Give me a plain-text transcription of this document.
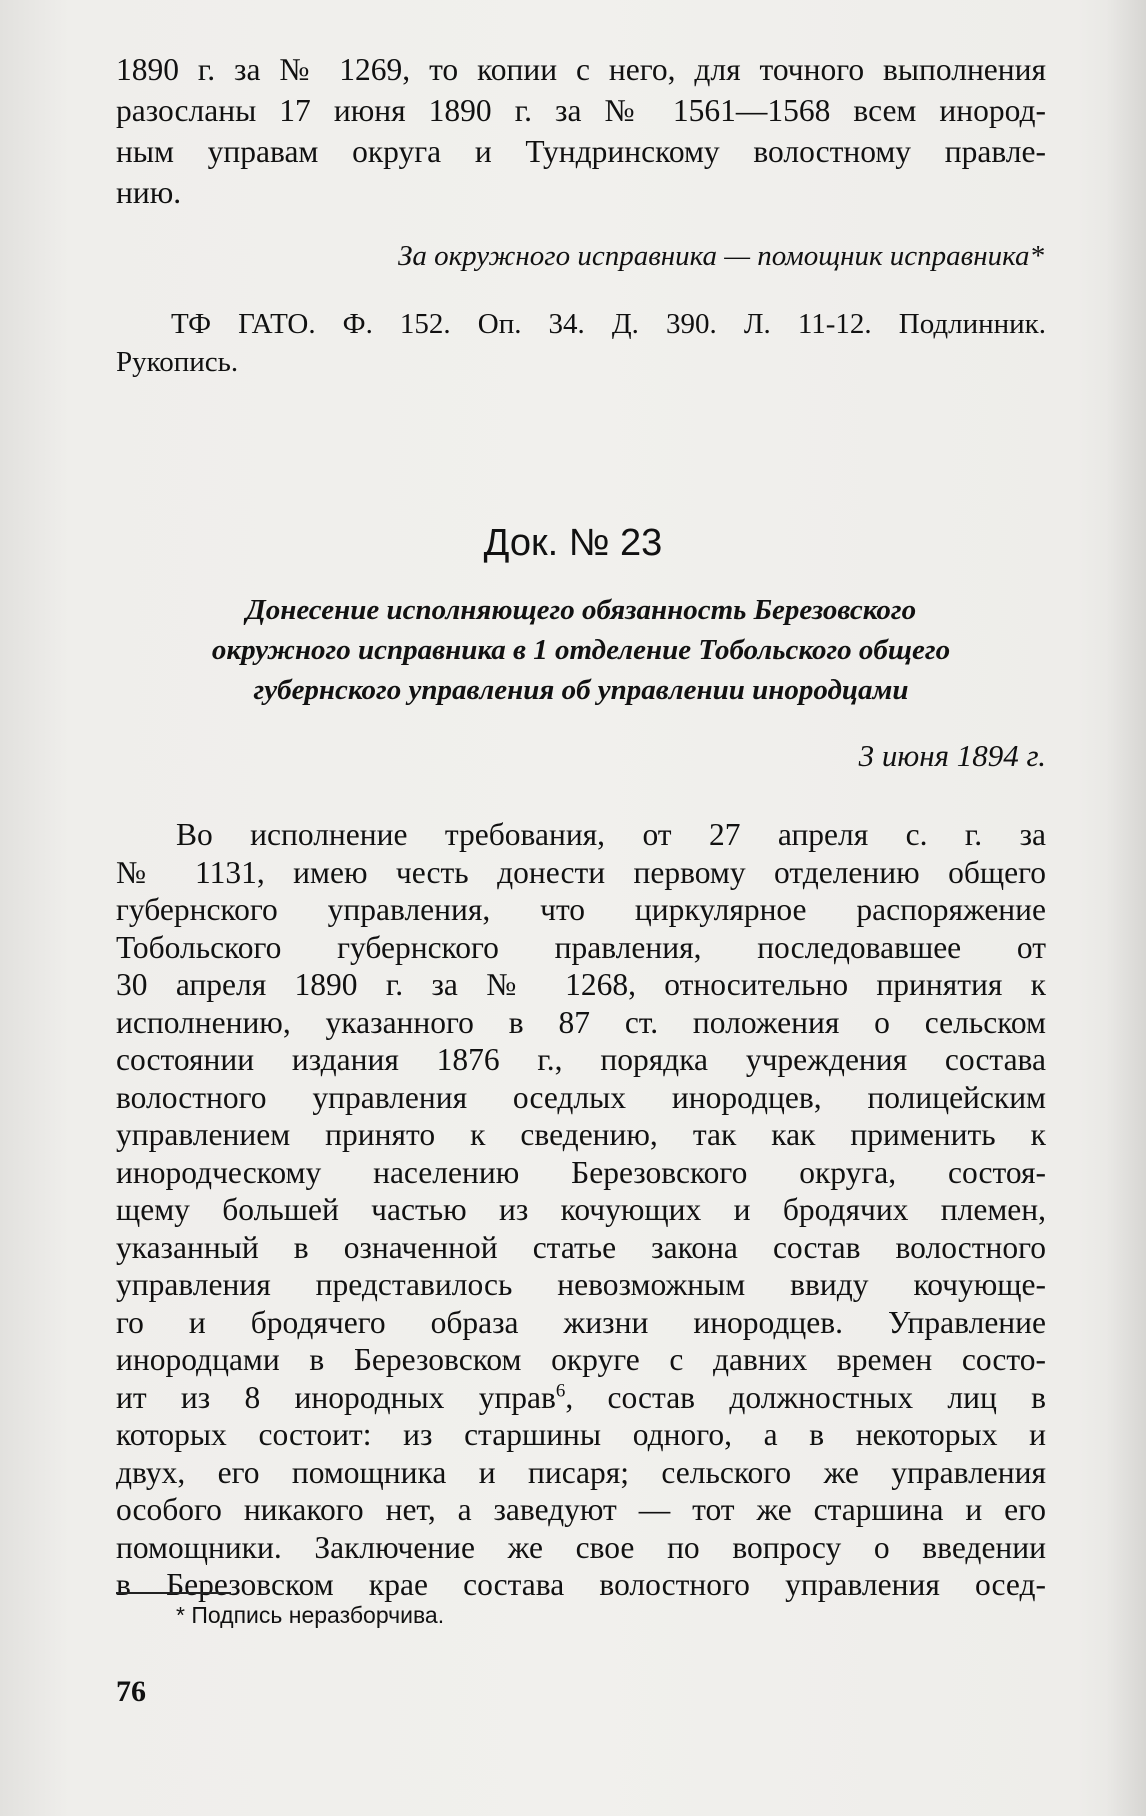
1890 г. за № 1269, то копии с него, для точного выполнения
разосланы 17 июня 1890 г. за № 1561—1568 всем инород-
ным управам округа и Тундринскому волостному правле-
нию.
За окружного исправника — помощник исправника*
ТФ ГАТО. Ф. 152. Оп. 34. Д. 390. Л. 11-12. Подлинник.
Рукопись.
Док. № 23
Донесение исполняющего обязанность Березовского
окружного исправника в 1 отделение Тобольского общего
губернского управления об управлении инородцами
3 июня 1894 г.
Во исполнение требования, от 27 апреля с. г. за
№ 1131, имею честь донести первому отделению общего
губернского управления, что циркулярное распоряжение
Тобольского губернского правления, последовавшее от
30 апреля 1890 г. за № 1268, относительно принятия к
исполнению, указанного в 87 ст. положения о сельском
состоянии издания 1876 г., порядка учреждения состава
волостного управления оседлых инородцев, полицейским
управлением принято к сведению, так как применить к
инородческому населению Березовского округа, состоя-
щему большей частью из кочующих и бродячих племен,
указанный в означенной статье закона состав волостного
управления представилось невозможным ввиду кочующе-
го и бродячего образа жизни инородцев. Управление
инородцами в Березовском округе с давних времен состо-
ит из 8 инородных управ$^6$, состав должностных лиц в
которых состоит: из старшины одного, а в некоторых и
двух, его помощника и писаря; сельского же управления
особого никакого нет, а заведуют — тот же старшина и его
помощники. Заключение же свое по вопросу о введении
в Березовском крае состава волостного управления осед-
* Подпись неразборчива.
76
